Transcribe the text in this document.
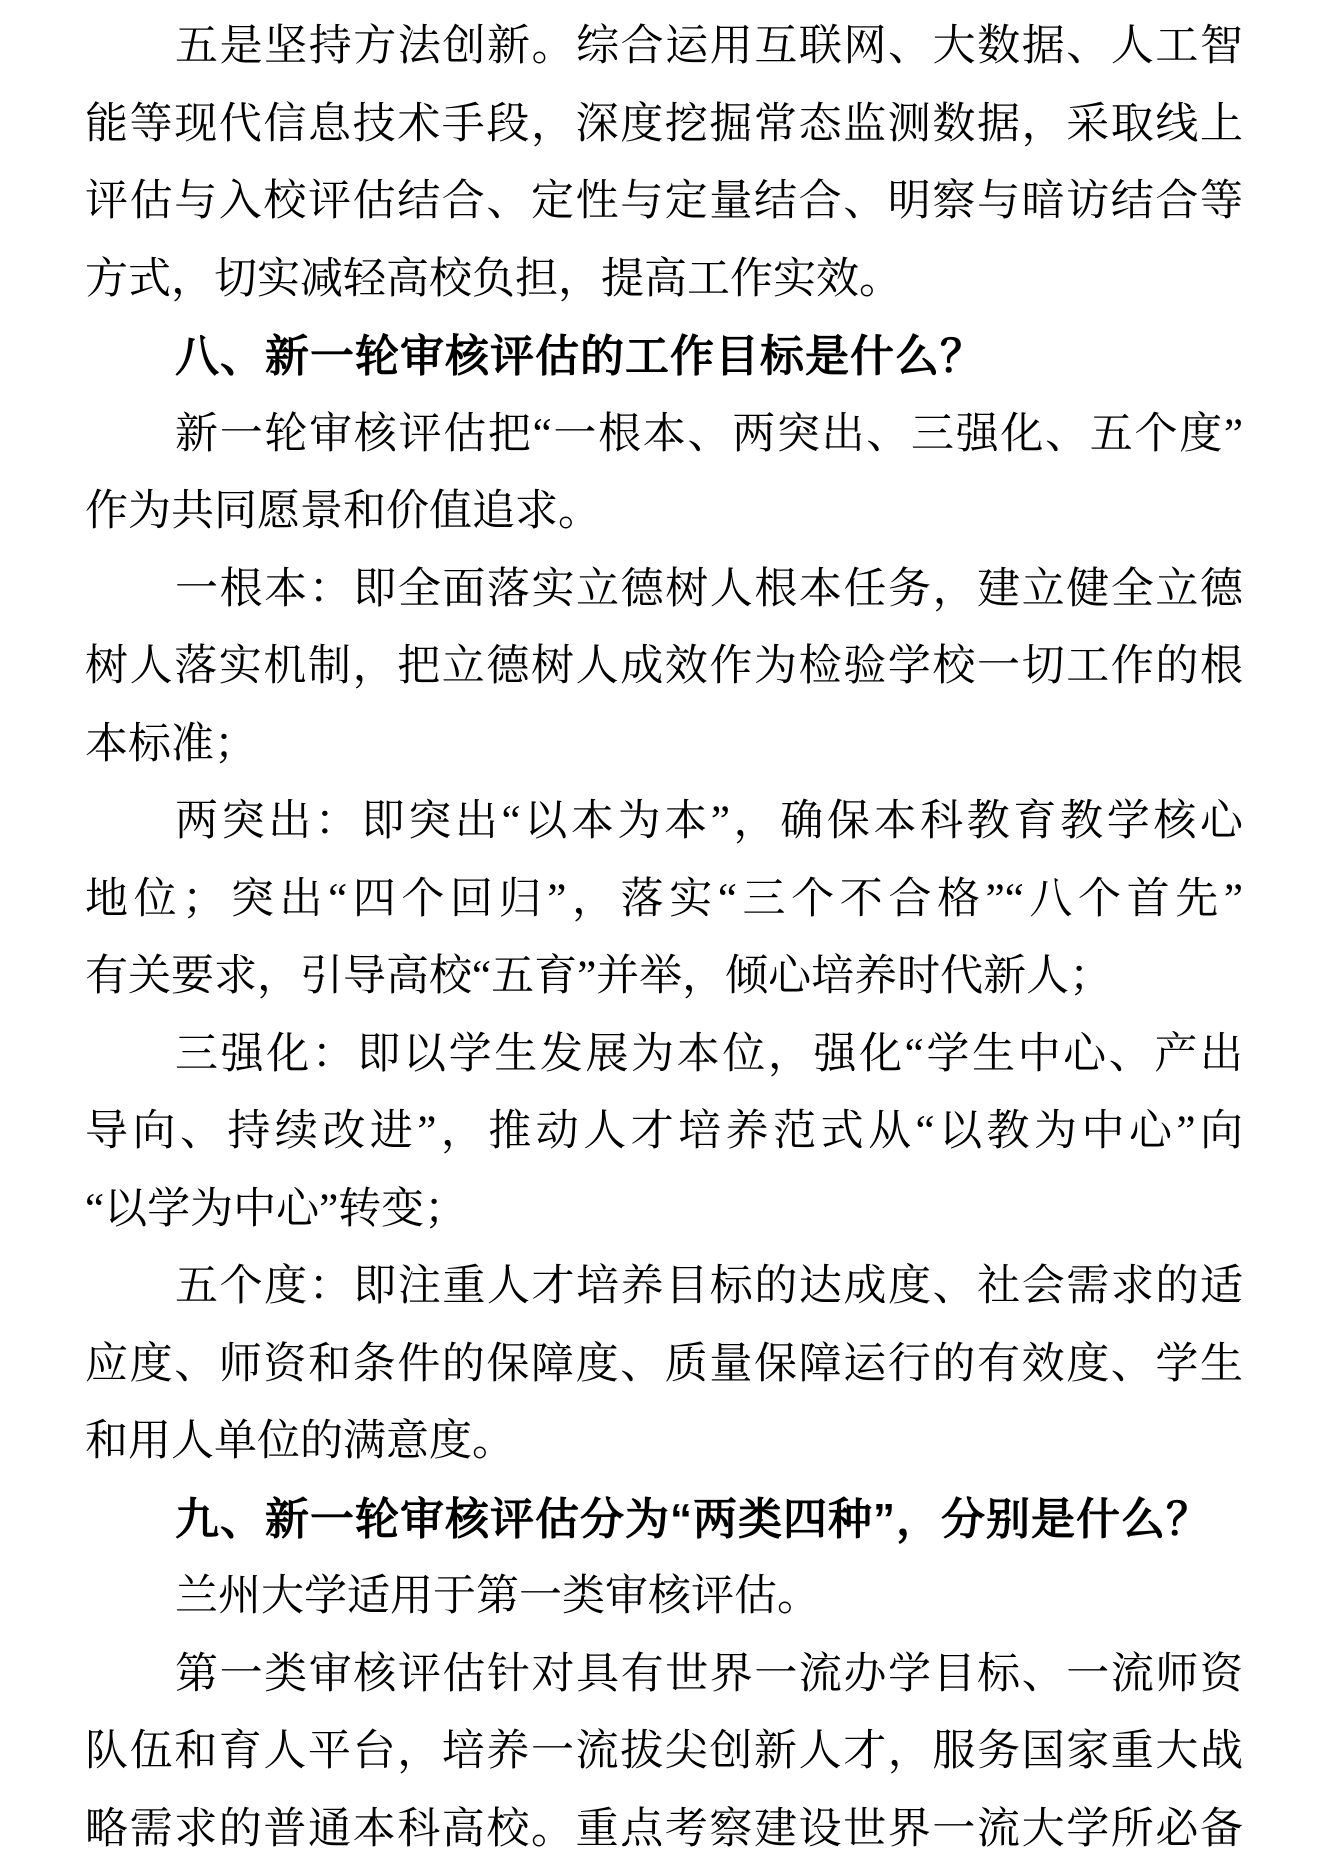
五是坚持方法创新。综合运用互联网、大数据、人工智
能等现代信息技术手段，深度挖掘常态监测数据，采取线上
评估与入校评估结合、定性与定量结合、明察与暗访结合等
方式，切实减轻高校负担，提高工作实效。
八、新一轮审核评估的工作目标是什么？
新一轮审核评估把“一根本、两突出、三强化、五个度”
作为共同愿景和价值追求。
一根本：即全面落实立德树人根本任务，建立健全立德
树人落实机制，把立德树人成效作为检验学校一切工作的根
本标准；
两突出：即突出“以本为本”，确保本科教育教学核心
地位；突出“四个回归”，落实“三个不合格”“八个首先”
有关要求，引导高校“五育”并举，倾心培养时代新人；
三强化：即以学生发展为本位，强化“学生中心、产出
导向、持续改进”，推动人才培养范式从“以教为中心”向
“以学为中心”转变；
五个度：即注重人才培养目标的达成度、社会需求的适
应度、师资和条件的保障度、质量保障运行的有效度、学生
和用人单位的满意度。
九、新一轮审核评估分为“两类四种”，分别是什么？
兰州大学适用于第一类审核评估。
第一类审核评估针对具有世界一流办学目标、一流师资
队伍和育人平台，培养一流拔尖创新人才，服务国家重大战
略需求的普通本科高校。重点考察建设世界一流大学所必备
